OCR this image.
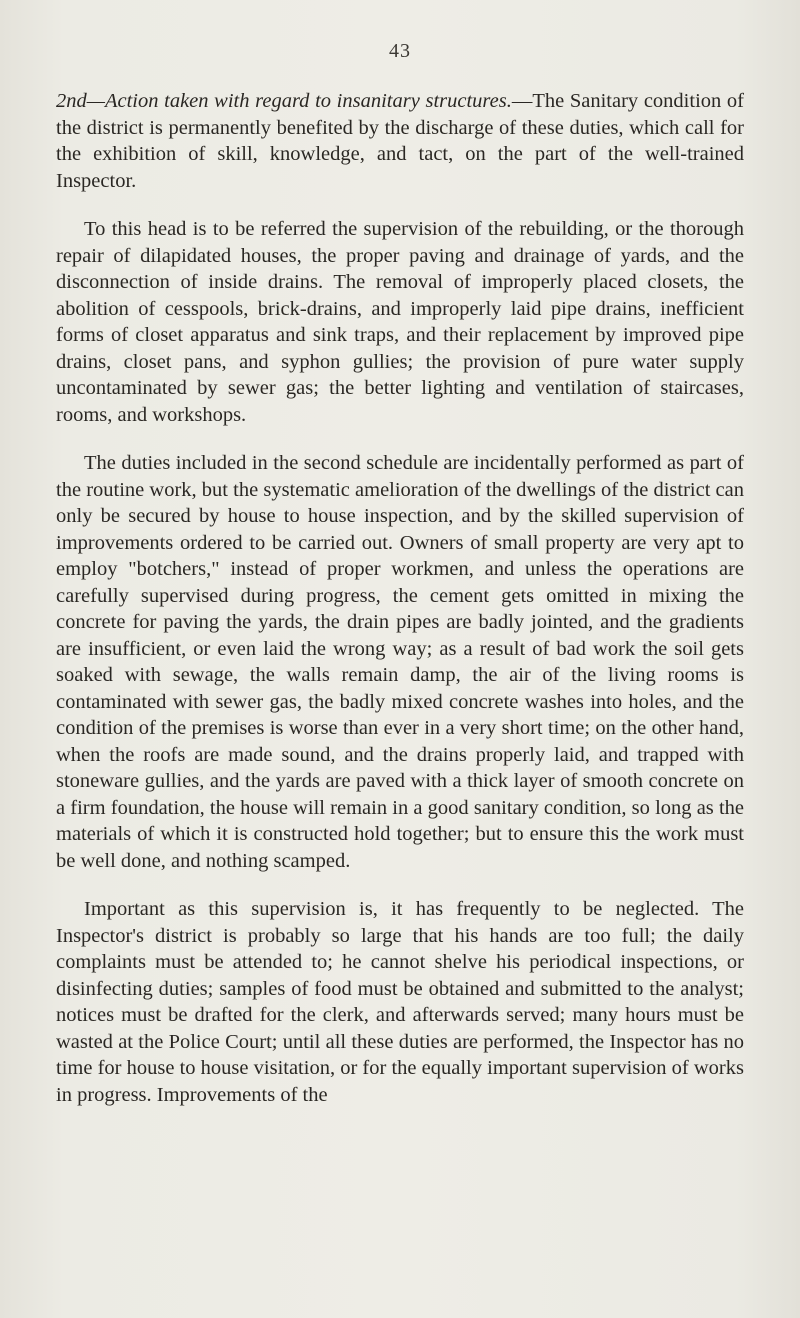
43

2nd—Action taken with regard to insanitary structures.—The Sanitary condition of the district is permanently benefited by the discharge of these duties, which call for the exhibition of skill, knowledge, and tact, on the part of the well-trained Inspector.

To this head is to be referred the supervision of the rebuilding, or the thorough repair of dilapidated houses, the proper paving and drainage of yards, and the disconnection of inside drains. The removal of improperly placed closets, the abolition of cesspools, brick-drains, and improperly laid pipe drains, inefficient forms of closet apparatus and sink traps, and their replacement by improved pipe drains, closet pans, and syphon gullies; the provision of pure water supply uncontaminated by sewer gas; the better lighting and ventilation of staircases, rooms, and workshops.

The duties included in the second schedule are incidentally performed as part of the routine work, but the systematic amelioration of the dwellings of the district can only be secured by house to house inspection, and by the skilled supervision of improvements ordered to be carried out. Owners of small property are very apt to employ "botchers," instead of proper workmen, and unless the operations are carefully supervised during progress, the cement gets omitted in mixing the concrete for paving the yards, the drain pipes are badly jointed, and the gradients are insufficient, or even laid the wrong way; as a result of bad work the soil gets soaked with sewage, the walls remain damp, the air of the living rooms is contaminated with sewer gas, the badly mixed concrete washes into holes, and the condition of the premises is worse than ever in a very short time; on the other hand, when the roofs are made sound, and the drains properly laid, and trapped with stoneware gullies, and the yards are paved with a thick layer of smooth concrete on a firm foundation, the house will remain in a good sanitary condition, so long as the materials of which it is constructed hold together; but to ensure this the work must be well done, and nothing scamped.

Important as this supervision is, it has frequently to be neglected. The Inspector's district is probably so large that his hands are too full; the daily complaints must be attended to; he cannot shelve his periodical inspections, or disinfecting duties; samples of food must be obtained and submitted to the analyst; notices must be drafted for the clerk, and afterwards served; many hours must be wasted at the Police Court; until all these duties are performed, the Inspector has no time for house to house visitation, or for the equally important supervision of works in progress. Improvements of the
